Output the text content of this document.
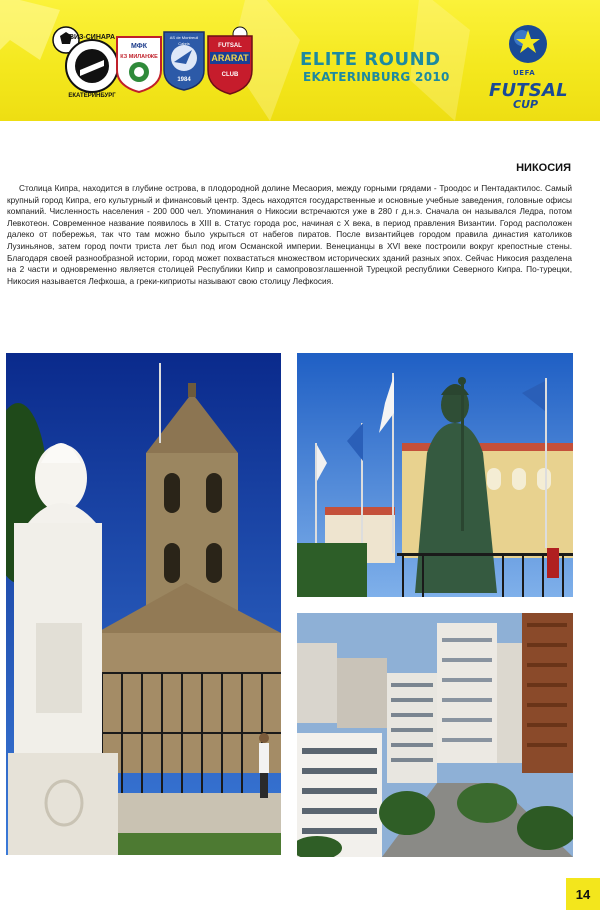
ВИЗ-СИНАРА
ЕКАТЕРИНБУРГ
МФК
КЗ МИЛАНЖЕ
AS de Montreuil
Cabris
1984
FUTSAL
ARARAT
CLUB
ELITE ROUND
EKATERINBURG 2010	UEFA
FUTSAL
CUP
НИКОСИЯ

Столица Кипра, находится в глубине острова, в плодородной долине Месаория, между горными грядами - Троодос и Пентадактилос. Самый крупный город Кипра, его культурный и финансовый центр. Здесь находятся государственные и основные учебные заведения, головные офисы компаний. Численность населения - 200 000 чел. Упоминания о Никосии встречаются уже в 280 г д.н.э. Сначала он назывался Ледра, потом Левкотеон. Современное название появилось в XIII в. Статус города рос, начиная с X века, в период правления Византии. Город расположен далеко от побережья, так что там можно было укрыться от набегов пиратов. После византийцев городом правила династия католиков Лузиньянов, затем город почти триста лет был под игом Османской империи. Венецианцы в XVI веке построили вокруг крепостные стены. Благодаря своей разнообразной истории, город может похвастаться множеством исторических зданий разных эпох. Сейчас Никосия разделена на 2 части и одновременно является столицей Республики Кипр и самопровозглашенной Турецкой республики Северного Кипра. По-турецки, Никосия называется Лефкоша, а греки-киприоты называют свою столицу Лефкосия.

14
